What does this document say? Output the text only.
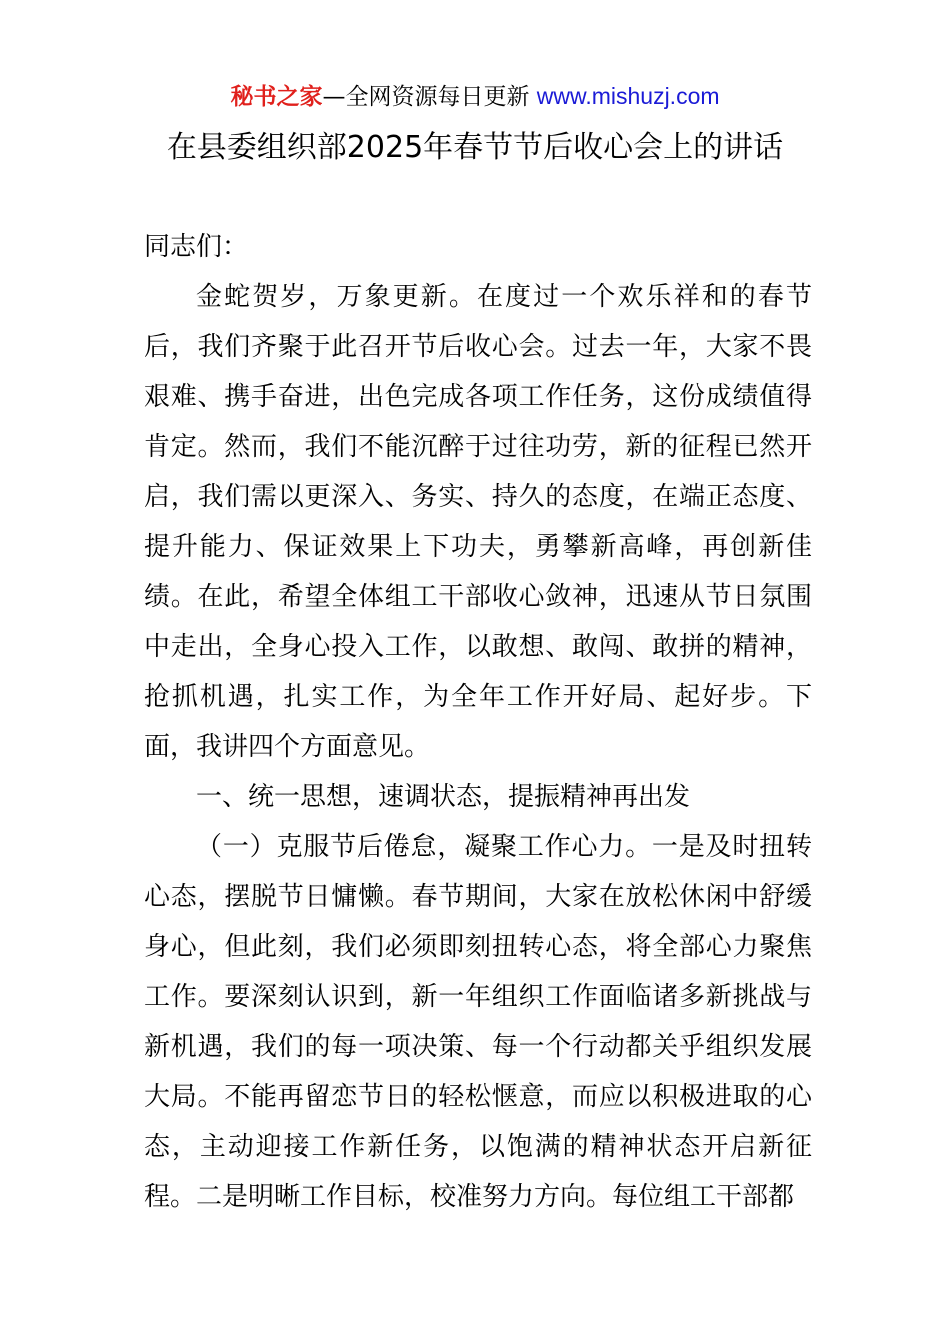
秘书之家—全网资源每日更新 www.mishuzj.com
在县委组织部2025年春节节后收心会上的讲话

同志们：

金蛇贺岁，万象更新。在度过一个欢乐祥和的春节后，我们齐聚于此召开节后收心会。过去一年，大家不畏艰难、携手奋进，出色完成各项工作任务，这份成绩值得肯定。然而，我们不能沉醉于过往功劳，新的征程已然开启，我们需以更深入、务实、持久的态度，在端正态度、提升能力、保证效果上下功夫，勇攀新高峰，再创新佳绩。在此，希望全体组工干部收心敛神，迅速从节日氛围中走出，全身心投入工作，以敢想、敢闯、敢拼的精神，抢抓机遇，扎实工作，为全年工作开好局、起好步。下面，我讲四个方面意见。

一、统一思想，速调状态，提振精神再出发

（一）克服节后倦怠，凝聚工作心力。一是及时扭转心态，摆脱节日慵懒。春节期间，大家在放松休闲中舒缓身心，但此刻，我们必须即刻扭转心态，将全部心力聚焦工作。要深刻认识到，新一年组织工作面临诸多新挑战与新机遇，我们的每一项决策、每一个行动都关乎组织发展大局。不能再留恋节日的轻松惬意，而应以积极进取的心态，主动迎接工作新任务，以饱满的精神状态开启新征程。二是明晰工作目标，校准努力方向。每位组工干部都
